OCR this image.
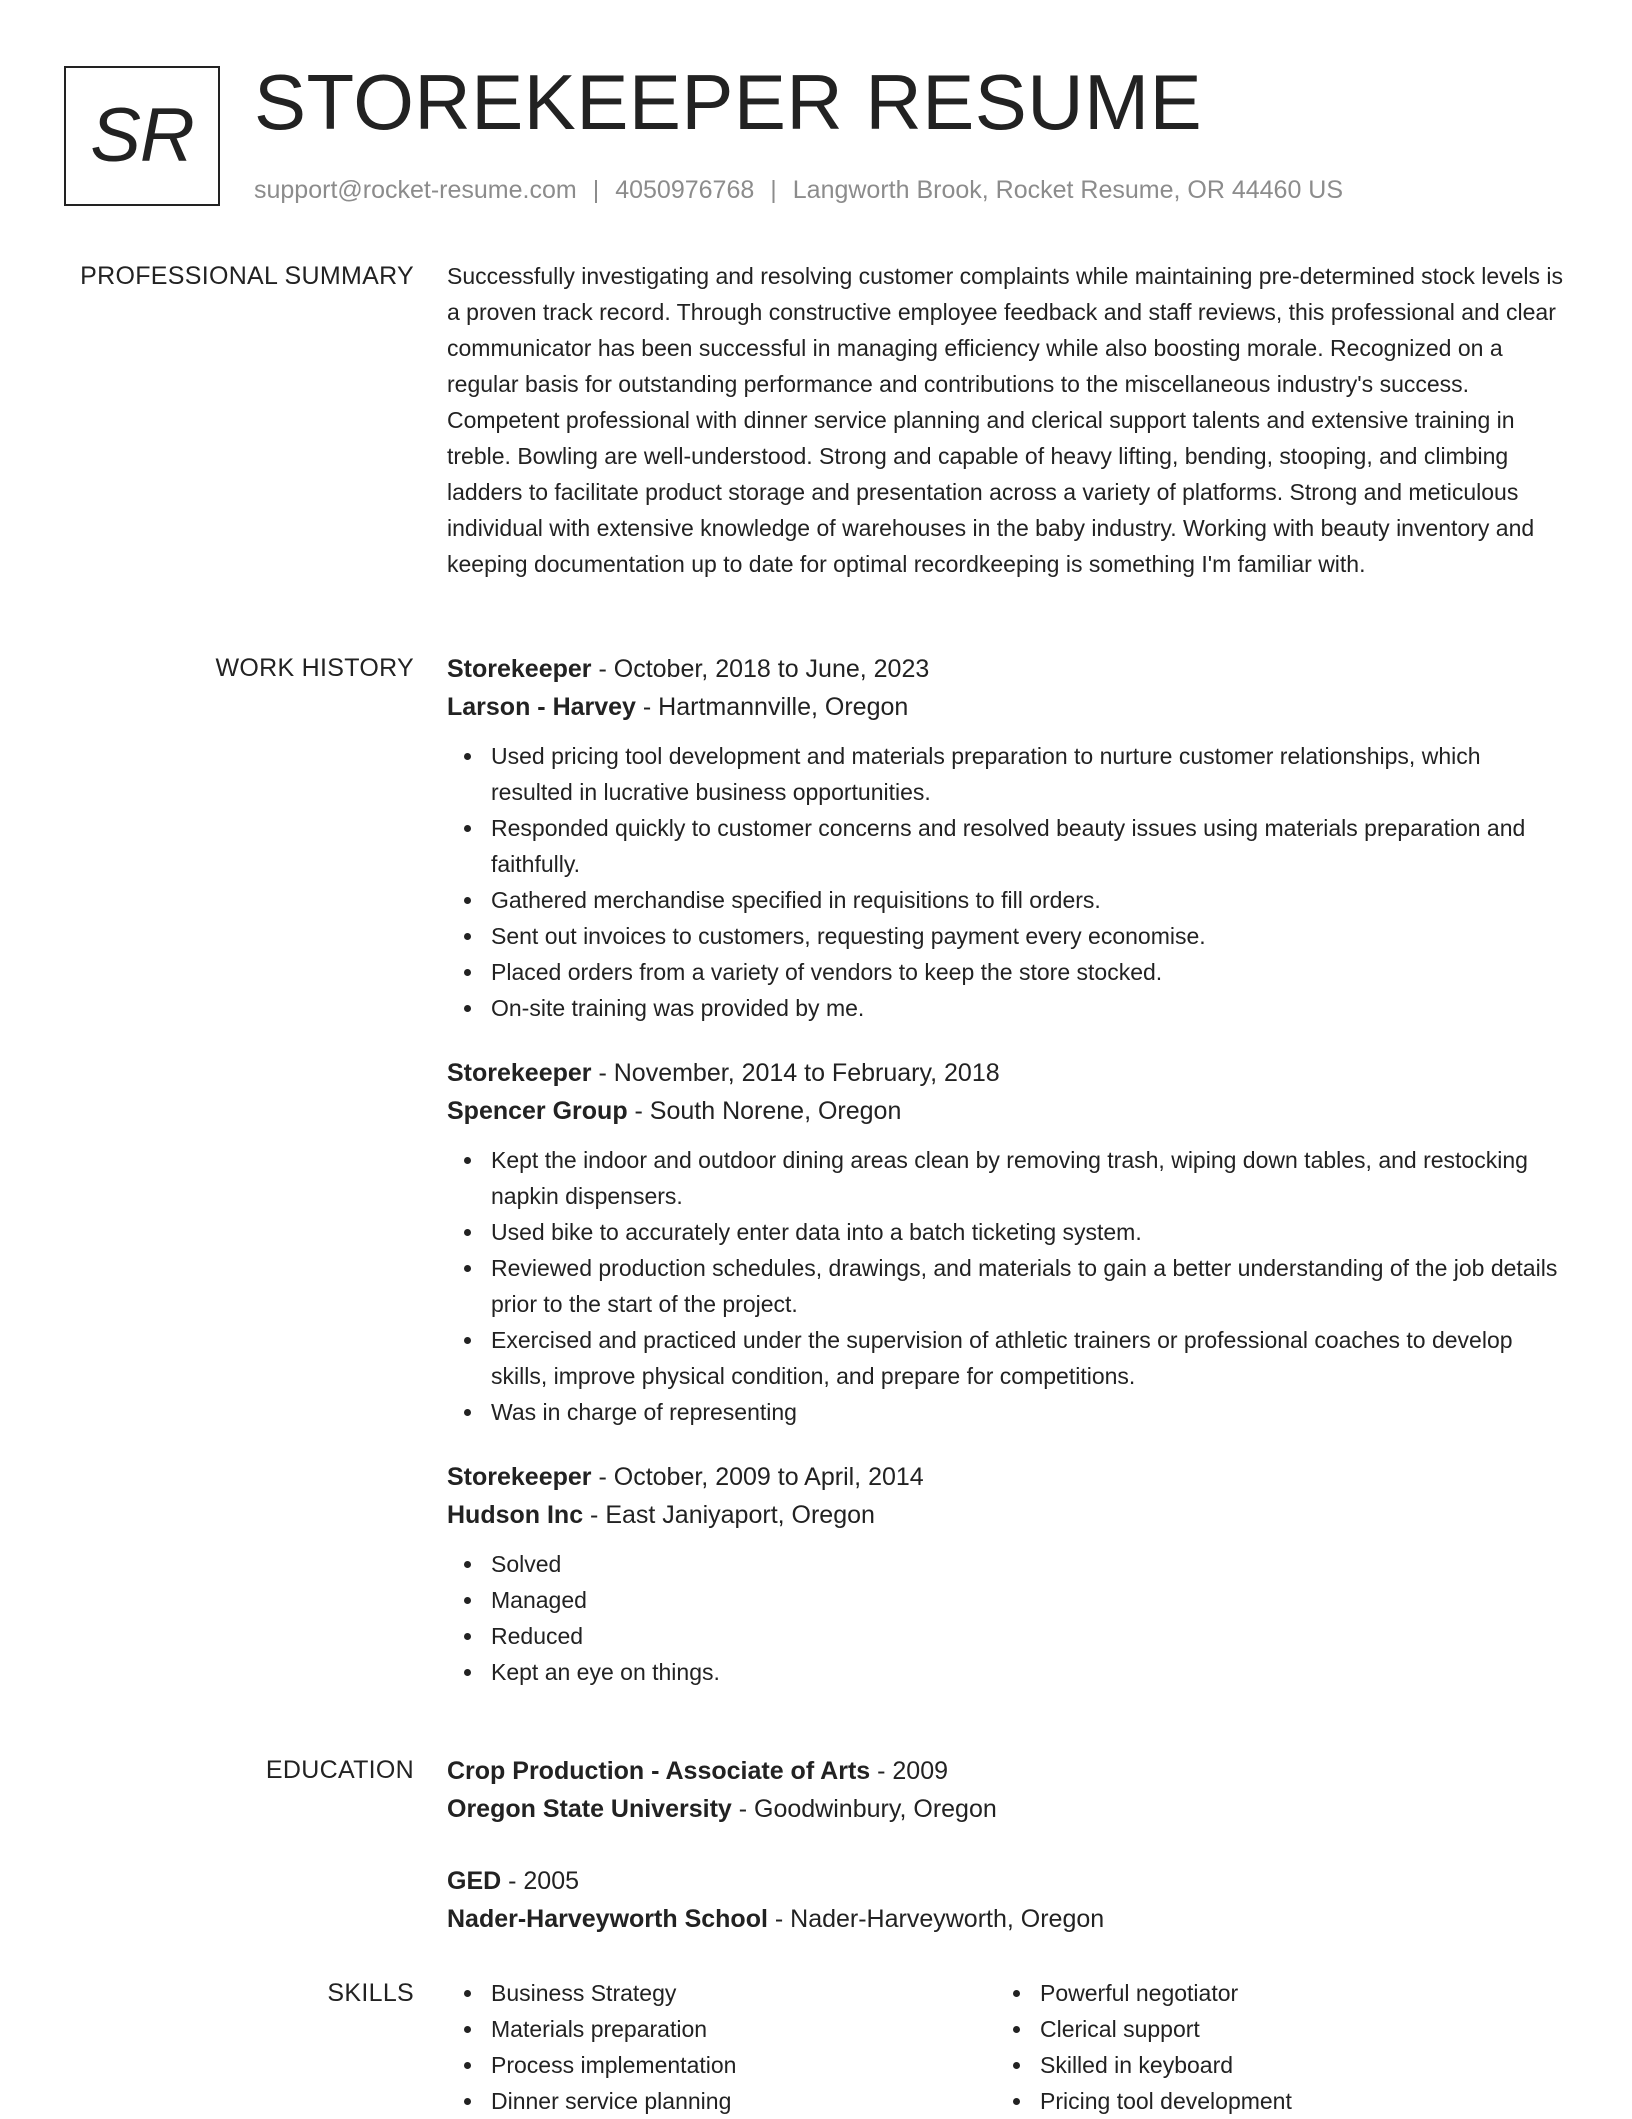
SR STOREKEEPER RESUME
support@rocket-resume.com | 4050976768 | Langworth Brook, Rocket Resume, OR 44460 US
PROFESSIONAL SUMMARY Successfully investigating and resolving customer complaints while maintaining pre-determined stock levels is a proven track record. Through constructive employee feedback and staff reviews, this professional and clear communicator has been successful in managing efficiency while also boosting morale. Recognized on a regular basis for outstanding performance and contributions to the miscellaneous industry's success. Competent professional with dinner service planning and clerical support talents and extensive training in treble. Bowling are well-understood. Strong and capable of heavy lifting, bending, stooping, and climbing ladders to facilitate product storage and presentation across a variety of platforms. Strong and meticulous individual with extensive knowledge of warehouses in the baby industry. Working with beauty inventory and keeping documentation up to date for optimal recordkeeping is something I'm familiar with.

WORK HISTORY Storekeeper - October, 2018 to June, 2023
Larson - Harvey - Hartmannville, Oregon
Used pricing tool development and materials preparation to nurture customer relationships, which resulted in lucrative business opportunities.
Responded quickly to customer concerns and resolved beauty issues using materials preparation and faithfully.
Gathered merchandise specified in requisitions to fill orders.
Sent out invoices to customers, requesting payment every economise.
Placed orders from a variety of vendors to keep the store stocked.
On-site training was provided by me.
Storekeeper - November, 2014 to February, 2018
Spencer Group - South Norene, Oregon
Kept the indoor and outdoor dining areas clean by removing trash, wiping down tables, and restocking napkin dispensers.
Used bike to accurately enter data into a batch ticketing system.
Reviewed production schedules, drawings, and materials to gain a better understanding of the job details prior to the start of the project.
Exercised and practiced under the supervision of athletic trainers or professional coaches to develop skills, improve physical condition, and prepare for competitions.
Was in charge of representing
Storekeeper - October, 2009 to April, 2014
Hudson Inc - East Janiyaport, Oregon
Solved
Managed
Reduced
Kept an eye on things.
EDUCATION Crop Production - Associate of Arts - 2009
Oregon State University - Goodwinbury, Oregon
GED - 2005
Nader-Harveyworth School - Nader-Harveyworth, Oregon
SKILLS	Business Strategy
Materials preparation
Process implementation
Dinner service planning
Powerful negotiator
Clerical support
Skilled in keyboard
Pricing tool development
